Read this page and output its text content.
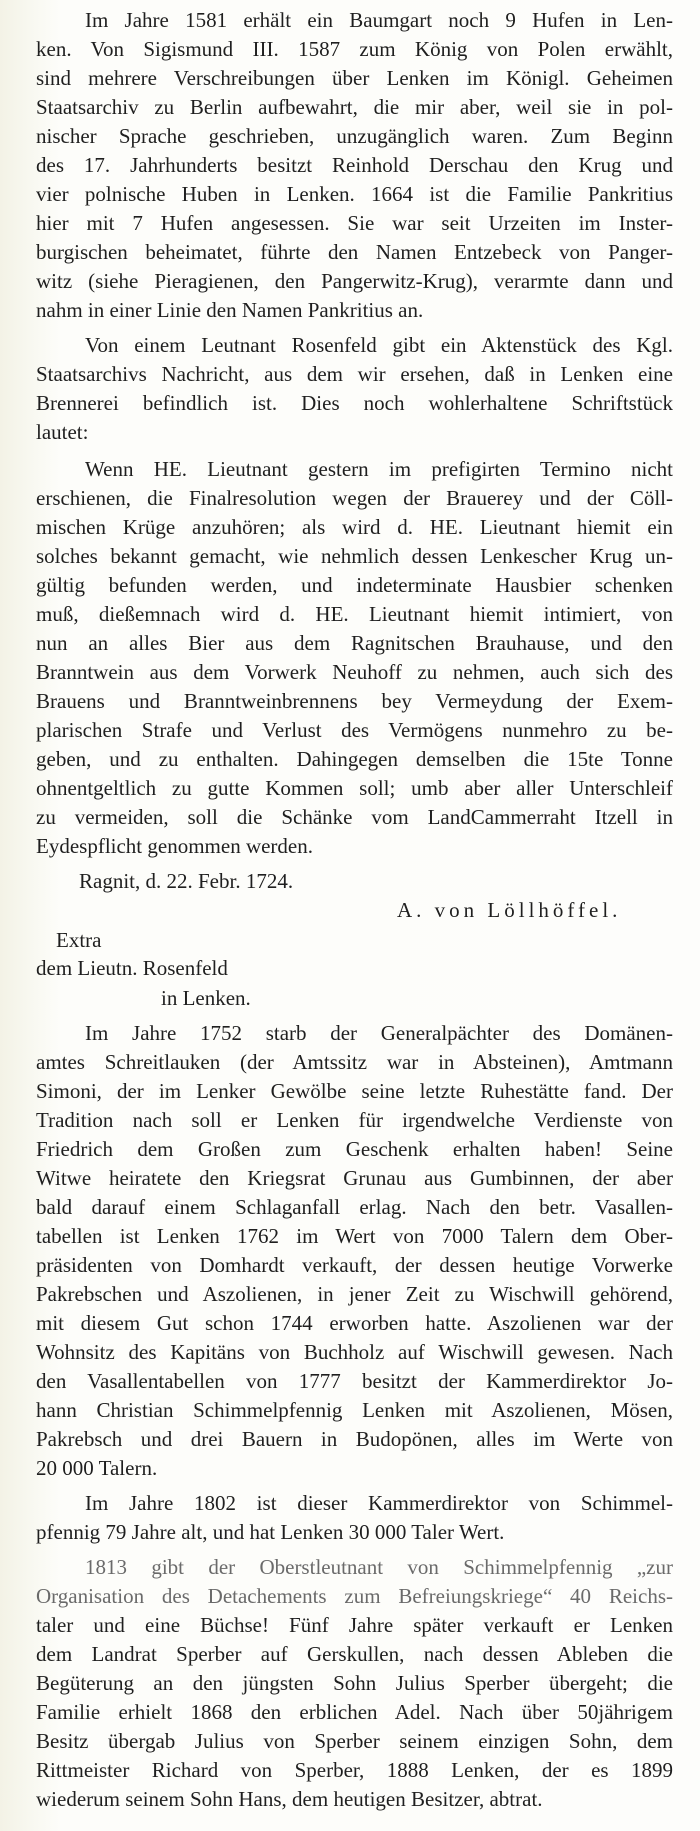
Im Jahre 1581 erhält ein Baumgart noch 9 Hufen in Len-
ken. Von Sigismund III. 1587 zum König von Polen erwählt,
sind mehrere Verschreibungen über Lenken im Königl. Geheimen
Staatsarchiv zu Berlin aufbewahrt, die mir aber, weil sie in pol-
nischer Sprache geschrieben, unzugänglich waren. Zum Beginn
des 17. Jahrhunderts besitzt Reinhold Derschau den Krug und
vier polnische Huben in Lenken. 1664 ist die Familie Pankritius
hier mit 7 Hufen angesessen. Sie war seit Urzeiten im Inster-
burgischen beheimatet, führte den Namen Entzebeck von Panger-
witz (siehe Pieragienen, den Pangerwitz-Krug), verarmte dann und
nahm in einer Linie den Namen Pankritius an.
Von einem Leutnant Rosenfeld gibt ein Aktenstück des Kgl.
Staatsarchivs Nachricht, aus dem wir ersehen, daß in Lenken eine
Brennerei befindlich ist. Dies noch wohlerhaltene Schriftstück
lautet:
Wenn HE. Lieutnant gestern im prefigirten Termino nicht
erschienen, die Finalresolution wegen der Brauerey und der Cöll-
mischen Krüge anzuhören; als wird d. HE. Lieutnant hiemit ein
solches bekannt gemacht, wie nehmlich dessen Lenkescher Krug un-
gültig befunden werden, und indeterminate Hausbier schenken
muß, dießemnach wird d. HE. Lieutnant hiemit intimiert, von
nun an alles Bier aus dem Ragnitschen Brauhause, und den
Branntwein aus dem Vorwerk Neuhoff zu nehmen, auch sich des
Brauens und Branntweinbrennens bey Vermeydung der Exem-
plarischen Strafe und Verlust des Vermögens nunmehro zu be-
geben, und zu enthalten. Dahingegen demselben die 15te Tonne
ohnentgeltlich zu gutte Kommen soll; umb aber aller Unterschleif
zu vermeiden, soll die Schänke vom LandCammerraht Itzell in
Eydespflicht genommen werden.
Ragnit, d. 22. Febr. 1724.
A. von Löllhöffel.
Extra
dem Lieutn. Rosenfeld
in Lenken.
Im Jahre 1752 starb der Generalpächter des Domänen-
amtes Schreitlauken (der Amtssitz war in Absteinen), Amtmann
Simoni, der im Lenker Gewölbe seine letzte Ruhestätte fand. Der
Tradition nach soll er Lenken für irgendwelche Verdienste von
Friedrich dem Großen zum Geschenk erhalten haben! Seine
Witwe heiratete den Kriegsrat Grunau aus Gumbinnen, der aber
bald darauf einem Schlaganfall erlag. Nach den betr. Vasallen-
tabellen ist Lenken 1762 im Wert von 7000 Talern dem Ober-
präsidenten von Domhardt verkauft, der dessen heutige Vorwerke
Pakrebschen und Aszolienen, in jener Zeit zu Wischwill gehörend,
mit diesem Gut schon 1744 erworben hatte. Aszolienen war der
Wohnsitz des Kapitäns von Buchholz auf Wischwill gewesen. Nach
den Vasallentabellen von 1777 besitzt der Kammerdirektor Jo-
hann Christian Schimmelpfennig Lenken mit Aszolienen, Mösen,
Pakrebsch und drei Bauern in Budopönen, alles im Werte von
20 000 Talern.
Im Jahre 1802 ist dieser Kammerdirektor von Schimmel-
pfennig 79 Jahre alt, und hat Lenken 30 000 Taler Wert.
1813 gibt der Oberstleutnant von Schimmelpfennig „zur
Organisation des Detachements zum Befreiungskriege“ 40 Reichs-
taler und eine Büchse! Fünf Jahre später verkauft er Lenken
dem Landrat Sperber auf Gerskullen, nach dessen Ableben die
Begüterung an den jüngsten Sohn Julius Sperber übergeht; die
Familie erhielt 1868 den erblichen Adel. Nach über 50jährigem
Besitz übergab Julius von Sperber seinem einzigen Sohn, dem
Rittmeister Richard von Sperber, 1888 Lenken, der es 1899
wiederum seinem Sohn Hans, dem heutigen Besitzer, abtrat.
